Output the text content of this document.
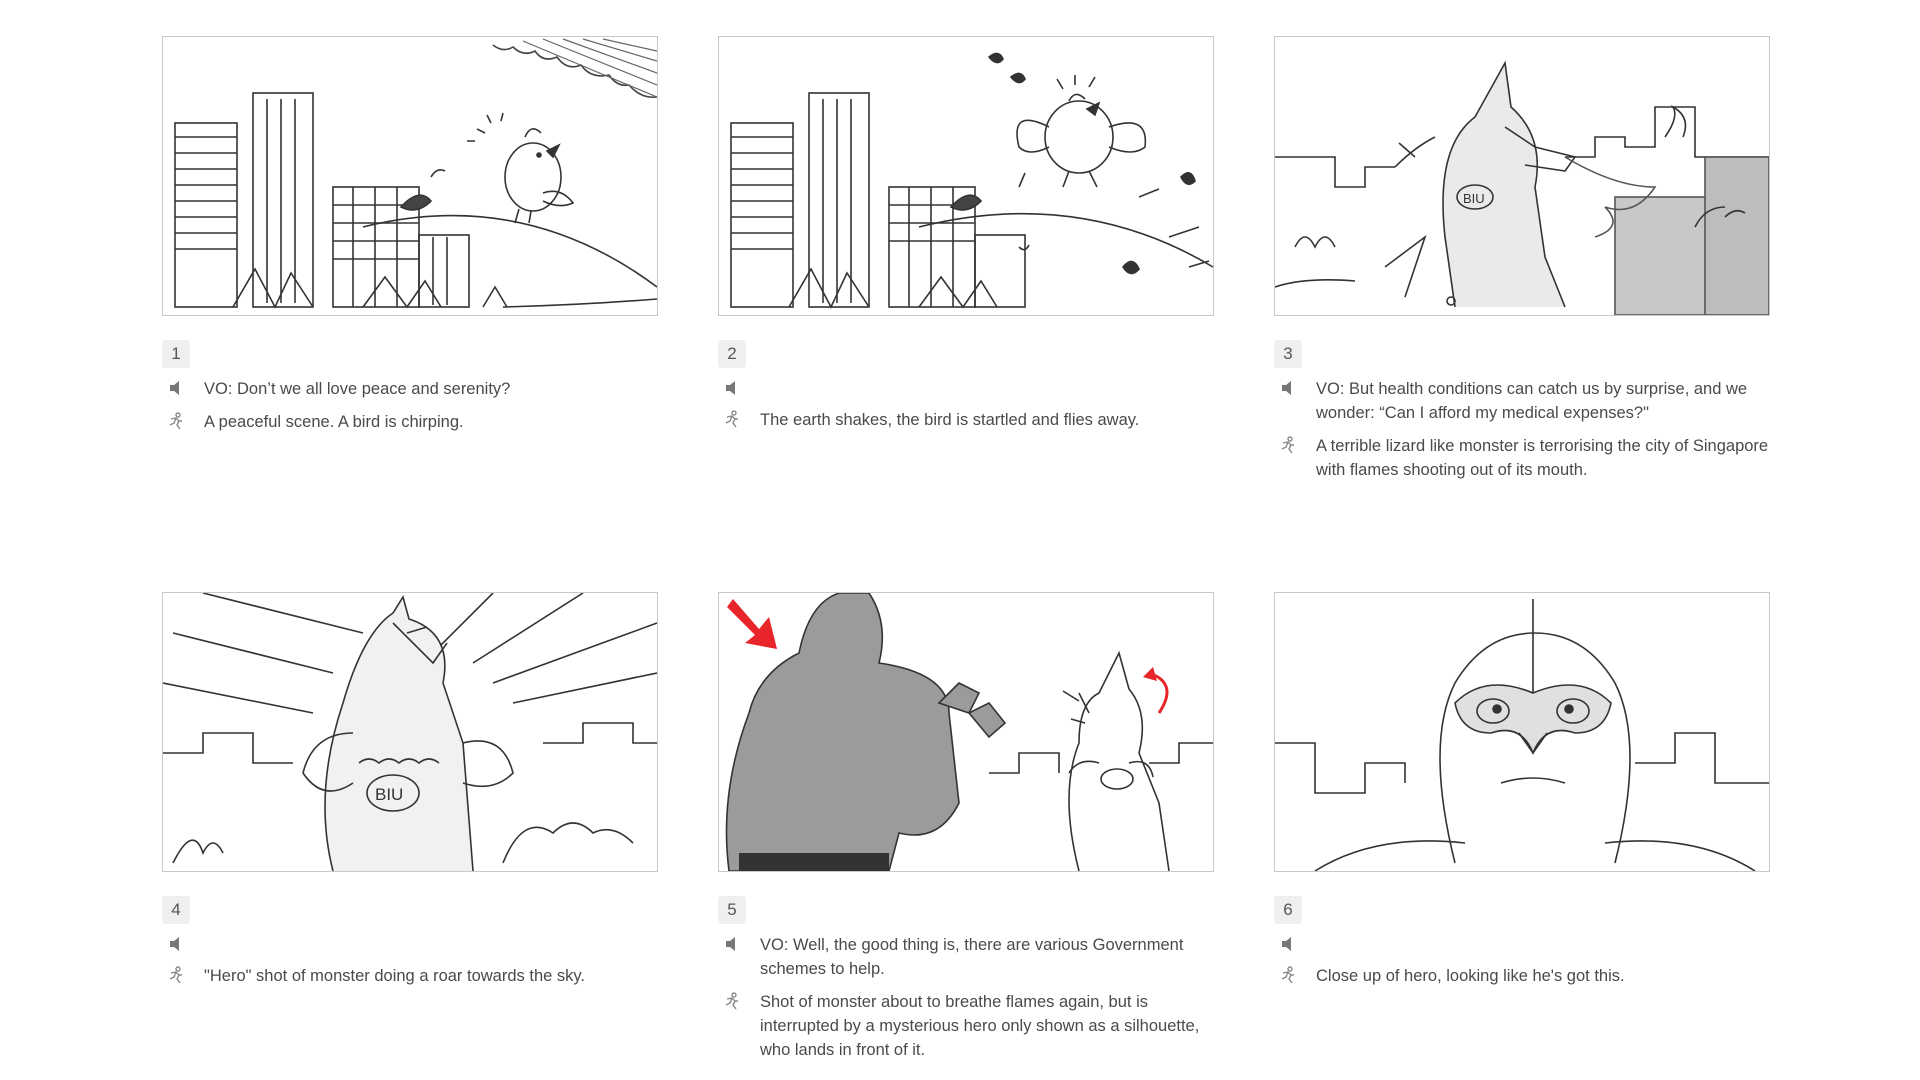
1
VO: Don’t we all love peace and serenity?
A peaceful scene. A bird is chirping.
2
The earth shakes, the bird is startled and flies away.
BIU
3
VO: But health conditions can catch us by surprise, and we wonder: “Can I afford my medical expenses?"
A terrible lizard like monster is terrorising the city of Singapore with flames shooting out of its mouth.
BIU
4
"Hero" shot of monster doing a roar towards the sky.
5
VO: Well, the good thing is, there are various Government schemes to help.
Shot of monster about to breathe flames again, but is interrupted by a mysterious hero only shown as a silhouette, who lands in front of it.
6
Close up of hero, looking like he's got this.
